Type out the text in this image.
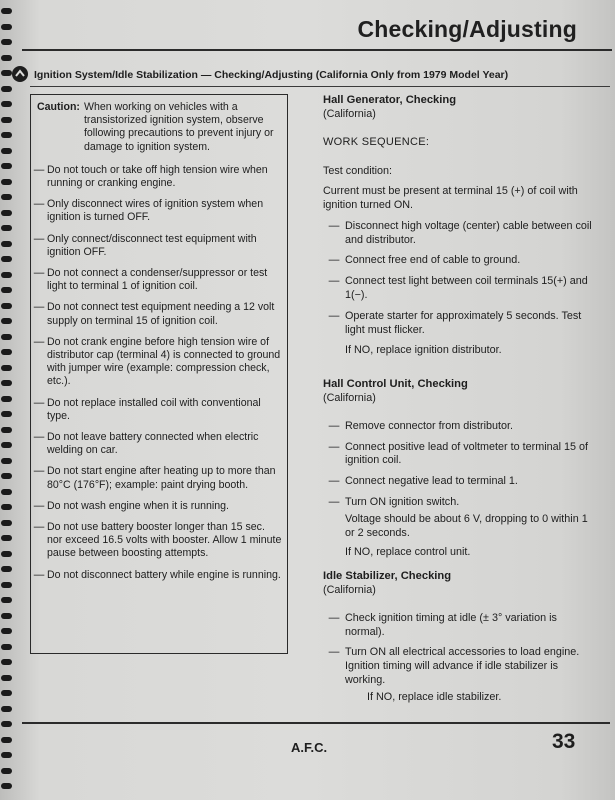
Checking/Adjusting
Ignition System/Idle Stabilization — Checking/Adjusting (California Only from 1979 Model Year)
Caution: When working on vehicles with a transistorized ignition system, observe following precautions to prevent injury or damage to ignition system.
— Do not touch or take off high tension wire when running or cranking engine.
— Only disconnect wires of ignition system when ignition is turned OFF.
— Only connect/disconnect test equipment with ignition OFF.
— Do not connect a condenser/suppressor or test light to terminal 1 of ignition coil.
— Do not connect test equipment needing a 12 volt supply on terminal 15 of ignition coil.
— Do not crank engine before high tension wire of distributor cap (terminal 4) is connected to ground with jumper wire (example: compression check, etc.).
— Do not replace installed coil with conventional type.
— Do not leave battery connected when electric welding on car.
— Do not start engine after heating up to more than 80°C (176°F); example: paint drying booth.
— Do not wash engine when it is running.
— Do not use battery booster longer than 15 sec. nor exceed 16.5 volts with booster. Allow 1 minute pause between boosting attempts.
— Do not disconnect battery while engine is running.
Hall Generator, Checking
(California)
WORK SEQUENCE:
Test condition:
Current must be present at terminal 15 (+) of coil with ignition turned ON.
— Disconnect high voltage (center) cable between coil and distributor.
— Connect free end of cable to ground.
— Connect test light between coil terminals 15(+) and 1(−).
— Operate starter for approximately 5 seconds. Test light must flicker.
If NO, replace ignition distributor.
Hall Control Unit, Checking
(California)
— Remove connector from distributor.
— Connect positive lead of voltmeter to terminal 15 of ignition coil.
— Connect negative lead to terminal 1.
— Turn ON ignition switch.
Voltage should be about 6 V, dropping to 0 within 1 or 2 seconds.
If NO, replace control unit.
Idle Stabilizer, Checking
(California)
— Check ignition timing at idle (± 3° variation is normal).
— Turn ON all electrical accessories to load engine. Ignition timing will advance if idle stabilizer is working.
If NO, replace idle stabilizer.
A.F.C.	33
